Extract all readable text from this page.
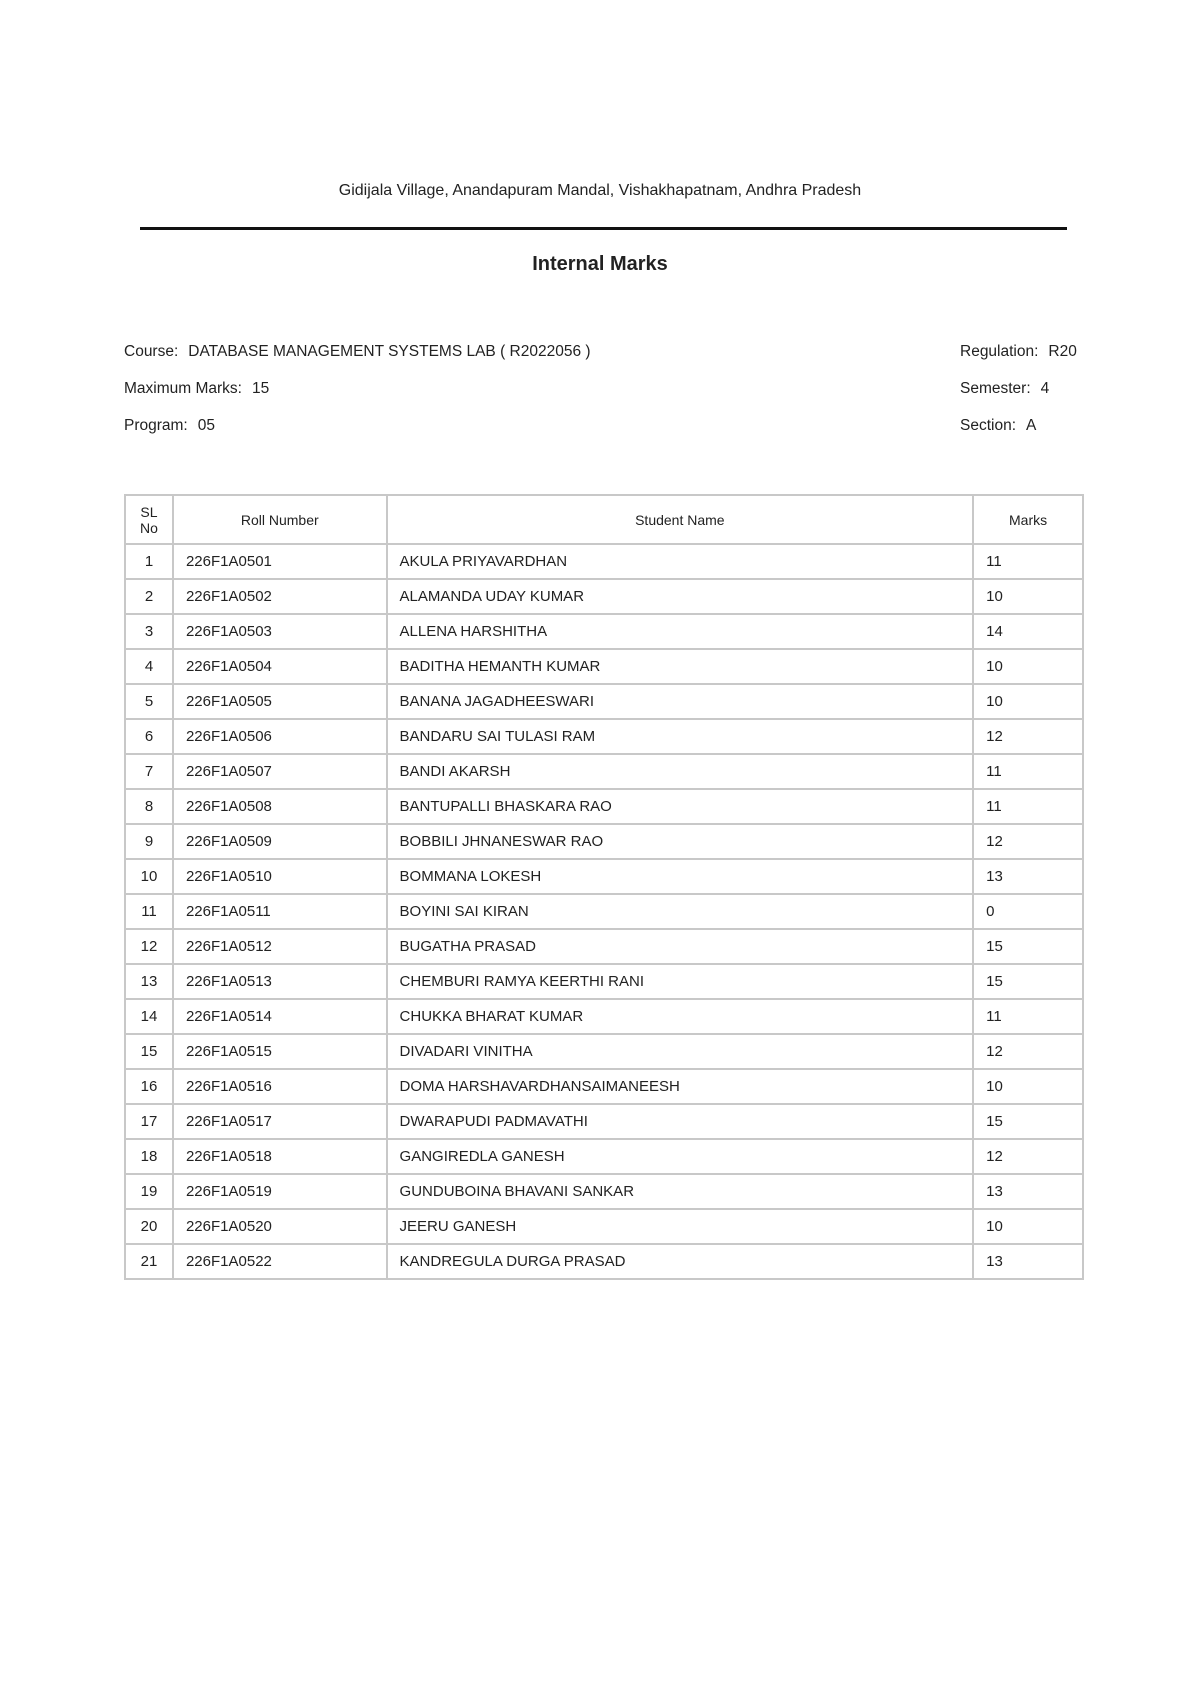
Gidijala Village, Anandapuram Mandal, Vishakhapatnam, Andhra Pradesh
Internal Marks
Course: DATABASE MANAGEMENT SYSTEMS LAB ( R2022056 )
Maximum Marks: 15
Program: 05
Regulation: R20
Semester: 4
Section: A
SL
No	Roll Number	Student Name	Marks
1	226F1A0501	AKULA PRIYAVARDHAN	11
2	226F1A0502	ALAMANDA UDAY KUMAR	10
3	226F1A0503	ALLENA HARSHITHA	14
4	226F1A0504	BADITHA HEMANTH KUMAR	10
5	226F1A0505	BANANA JAGADHEESWARI	10
6	226F1A0506	BANDARU SAI TULASI RAM	12
7	226F1A0507	BANDI AKARSH	11
8	226F1A0508	BANTUPALLI BHASKARA RAO	11
9	226F1A0509	BOBBILI JHNANESWAR RAO	12
10	226F1A0510	BOMMANA LOKESH	13
11	226F1A0511	BOYINI SAI KIRAN	0
12	226F1A0512	BUGATHA PRASAD	15
13	226F1A0513	CHEMBURI RAMYA KEERTHI RANI	15
14	226F1A0514	CHUKKA BHARAT KUMAR	11
15	226F1A0515	DIVADARI VINITHA	12
16	226F1A0516	DOMA HARSHAVARDHANSAIMANEESH	10
17	226F1A0517	DWARAPUDI PADMAVATHI	15
18	226F1A0518	GANGIREDLA GANESH	12
19	226F1A0519	GUNDUBOINA BHAVANI SANKAR	13
20	226F1A0520	JEERU GANESH	10
21	226F1A0522	KANDREGULA DURGA PRASAD	13
